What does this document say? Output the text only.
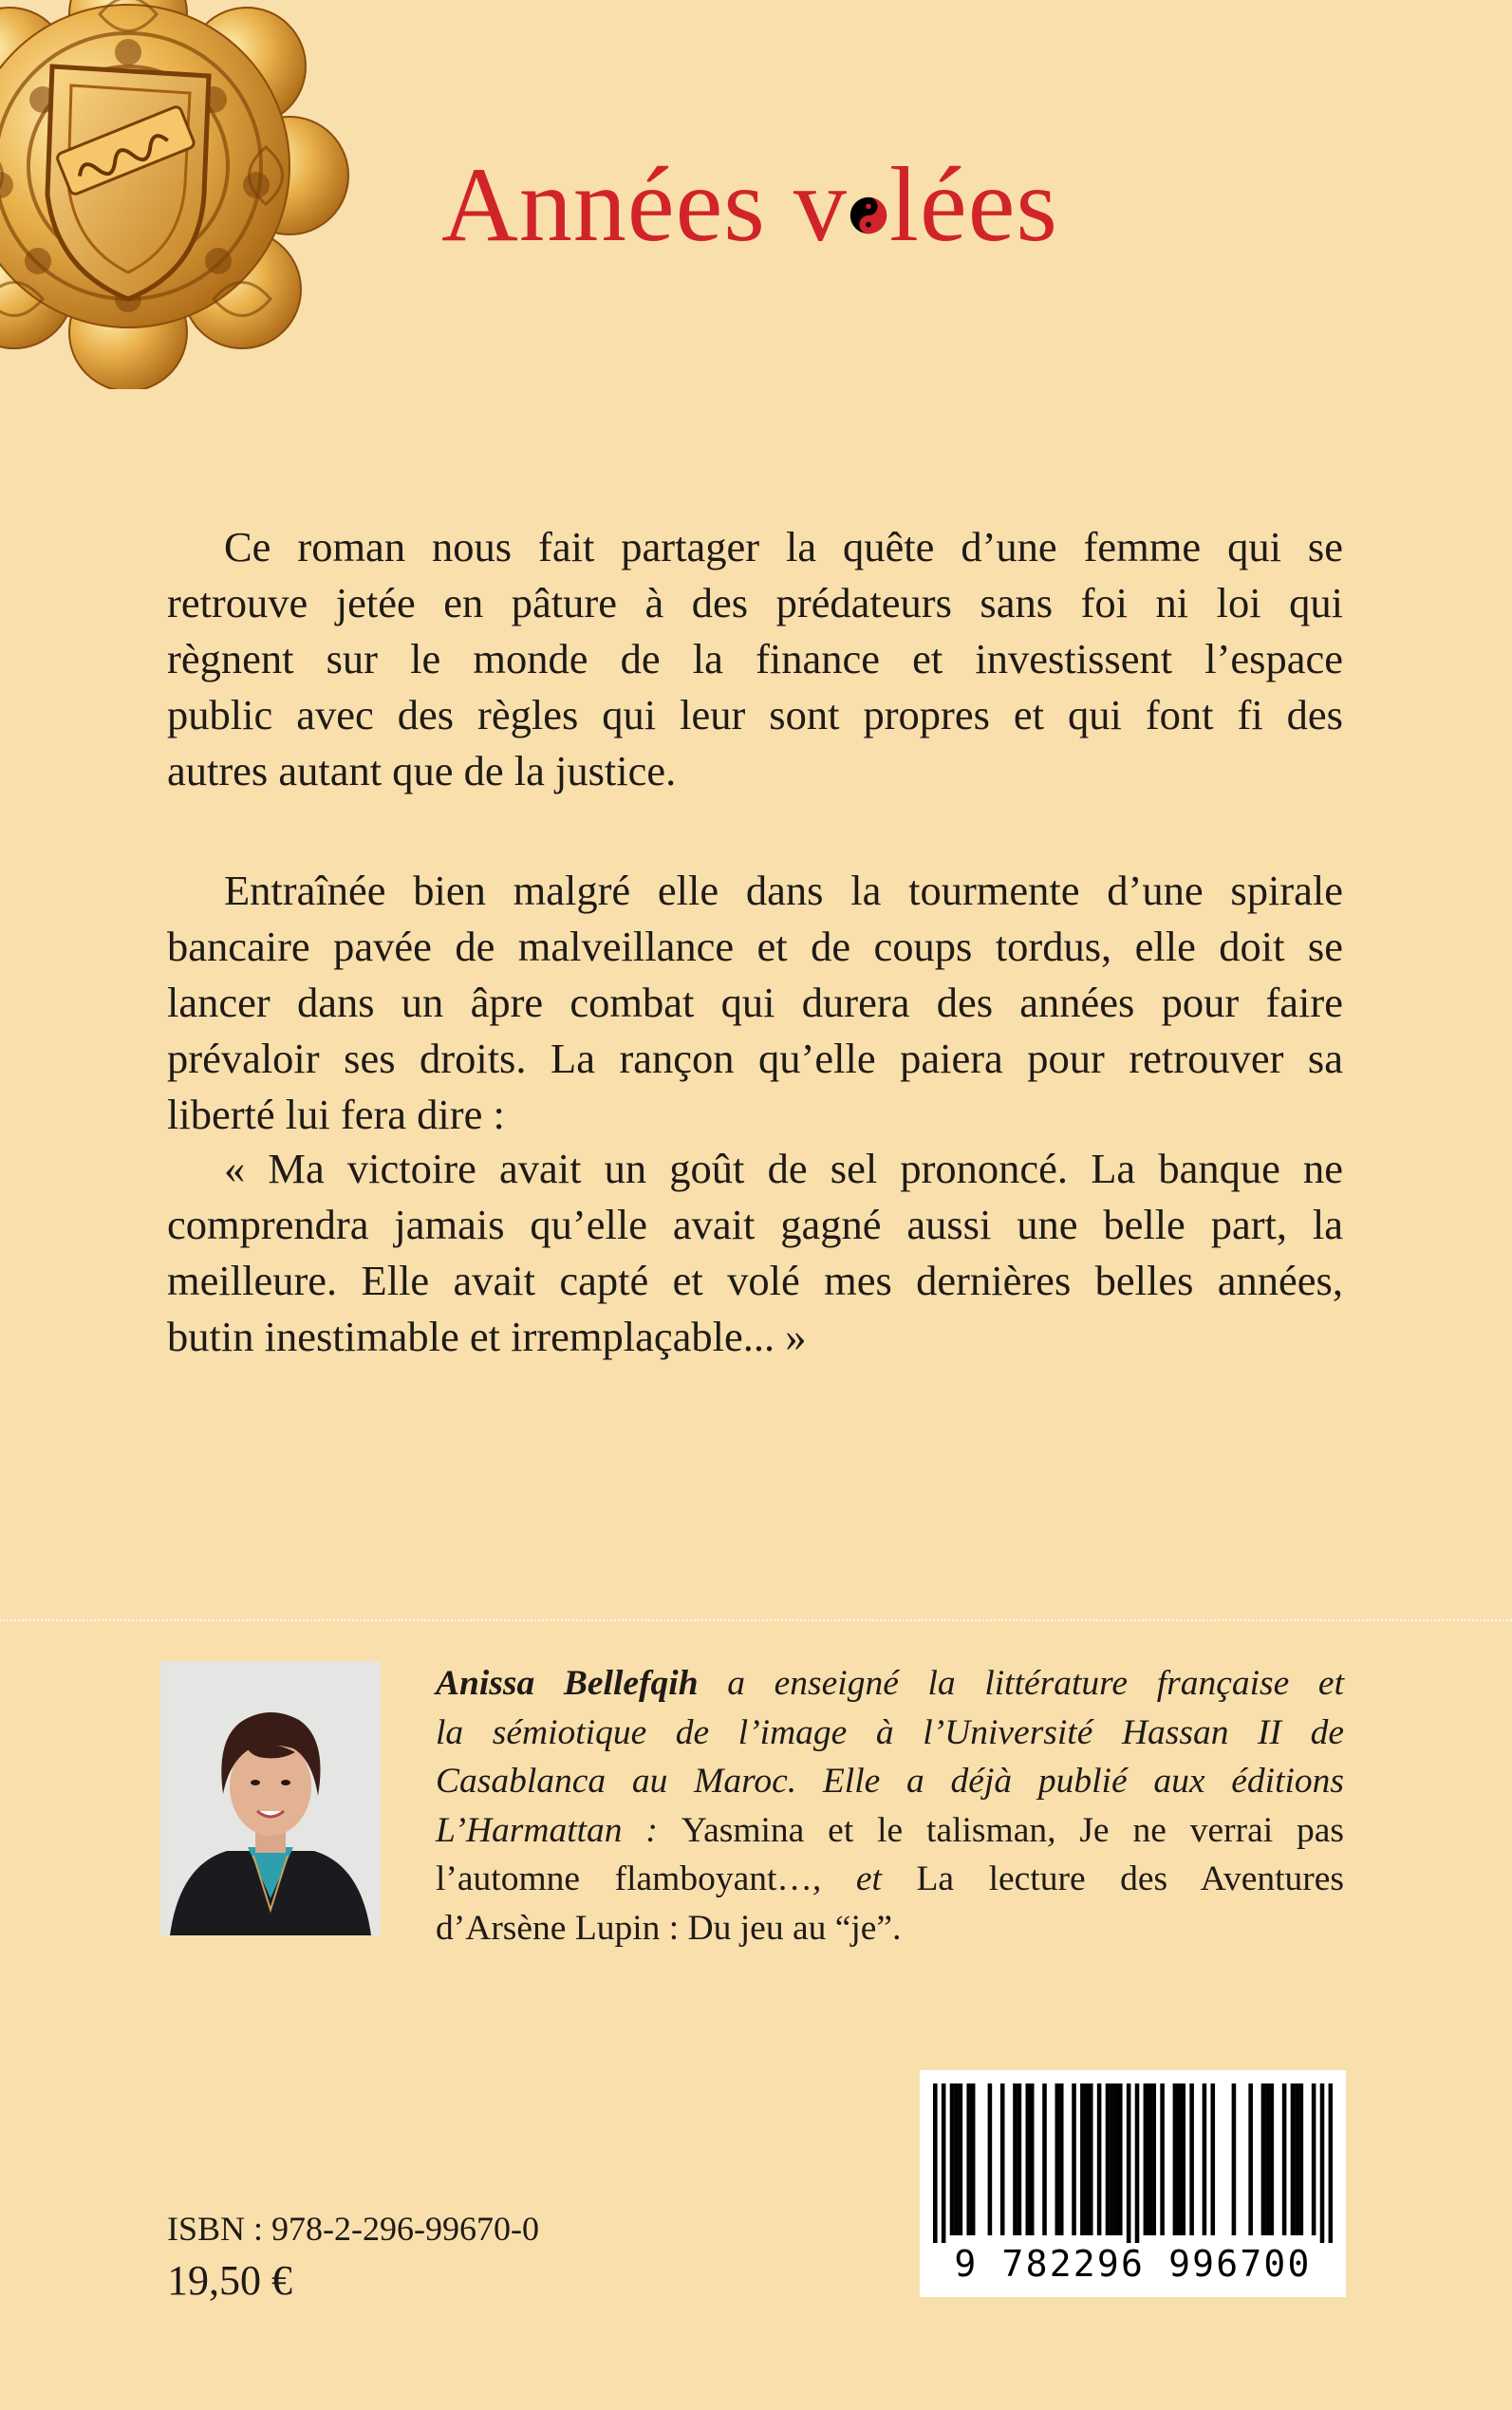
Années v lées
Ce roman nous fait partager la quête d’une femme qui se
retrouve jetée en pâture à des prédateurs sans foi ni loi qui
règnent sur le monde de la finance et investissent l’espace
public avec des règles qui leur sont propres et qui font fi des
autres autant que de la justice.
Entraînée bien malgré elle dans la tourmente d’une spirale
bancaire pavée de malveillance et de coups tordus, elle doit se
lancer dans un âpre combat qui durera des années pour faire
prévaloir ses droits. La rançon qu’elle paiera pour retrouver sa
liberté lui fera dire :
« Ma victoire avait un goût de sel prononcé. La banque ne
comprendra jamais qu’elle avait gagné aussi une belle part, la
meilleure. Elle avait capté et volé mes dernières belles années,
butin inestimable et irremplaçable... »
Anissa Bellefqih a enseigné la littérature française et
la sémiotique de l’image à l’Université Hassan II de
Casablanca au Maroc. Elle a déjà publié aux éditions
L’Harmattan : Yasmina et le talisman, Je ne verrai pas
l’automne flamboyant…, et La lecture des Aventures
d’Arsène Lupin : Du jeu au “je”.
9 782296 996700
ISBN : 978-2-296-99670-0
19,50 €
